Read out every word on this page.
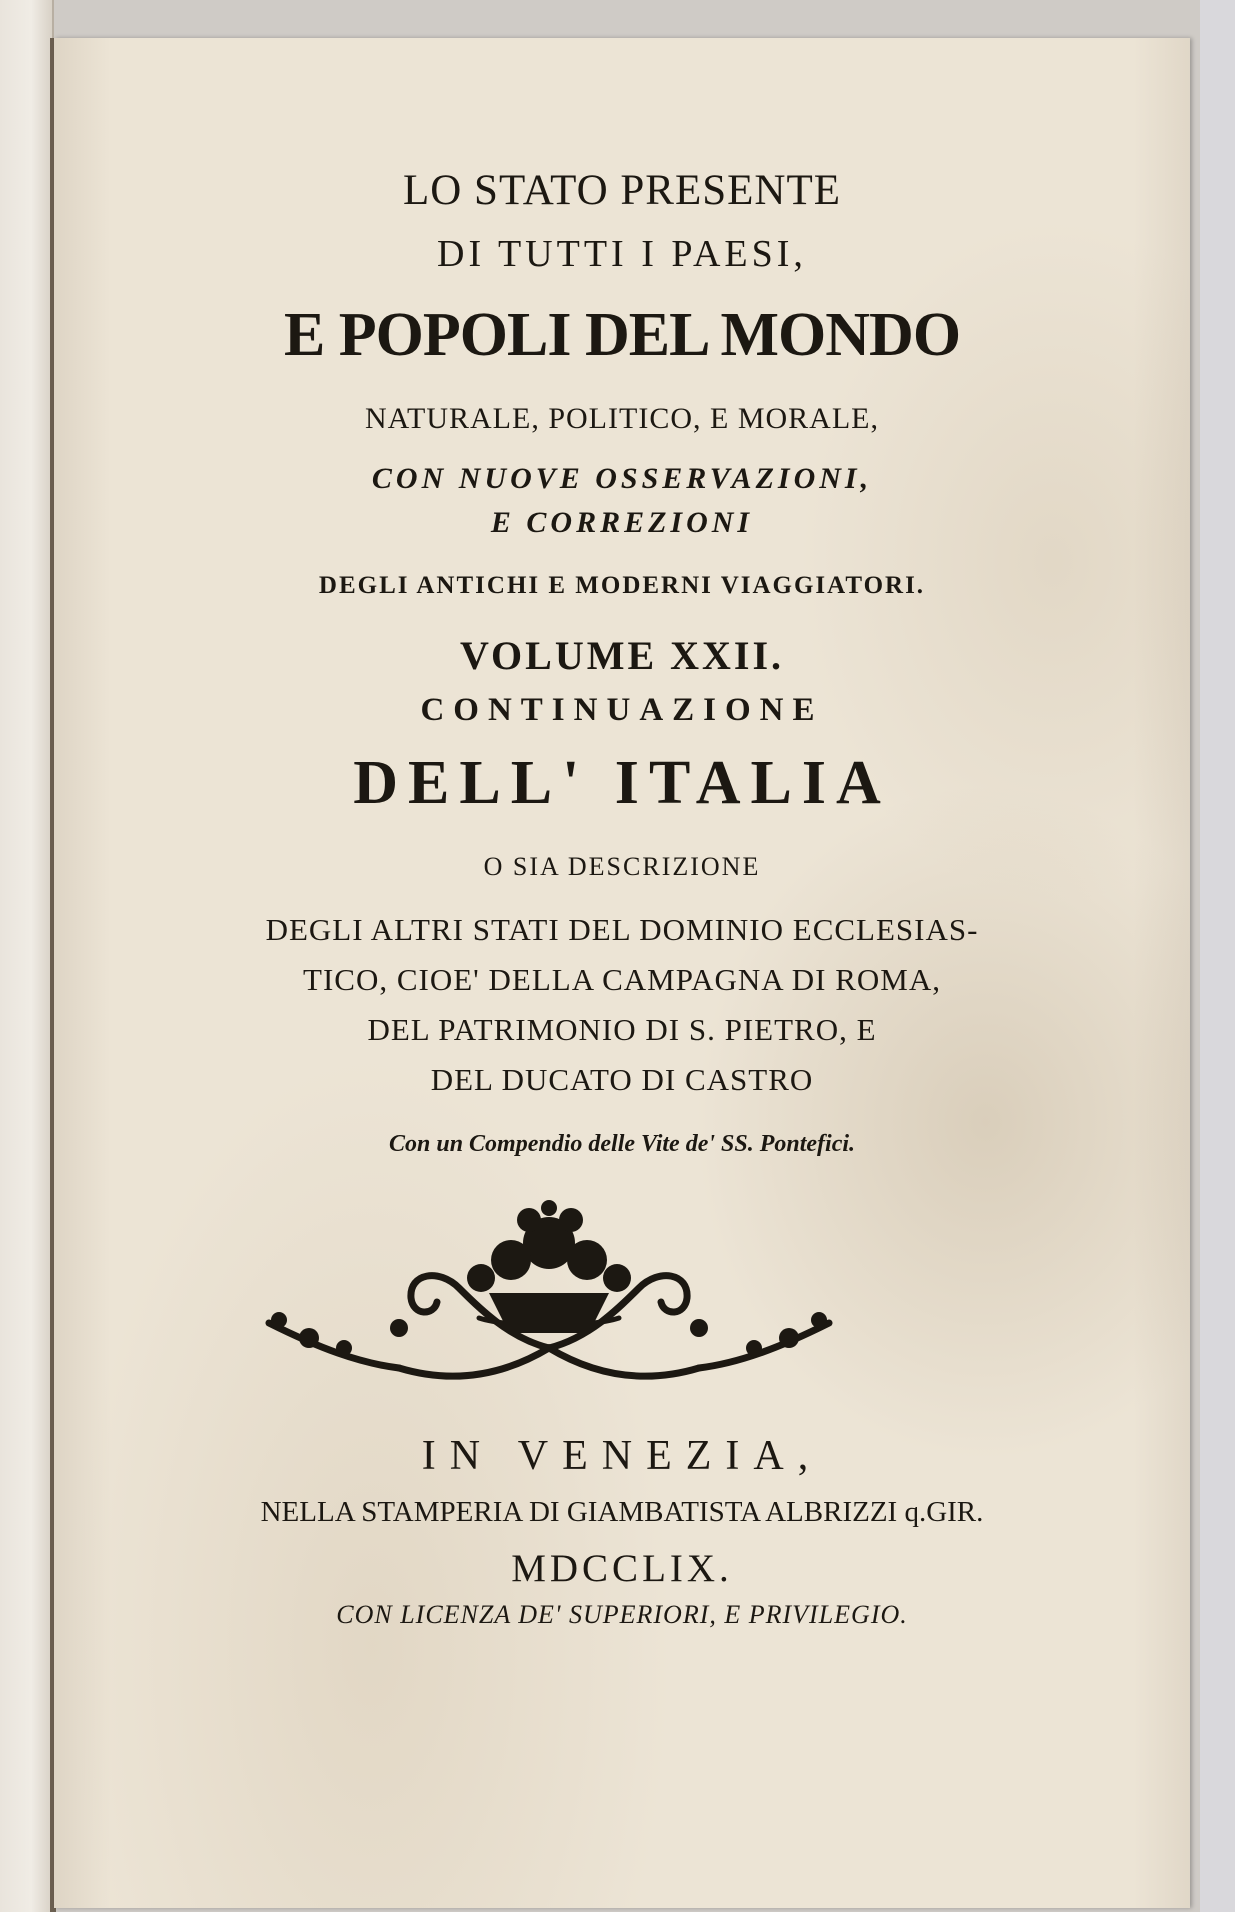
LO STATO PRESENTE
DI TUTTI I PAESI,
E POPOLI DEL MONDO
NATURALE, POLITICO, E MORALE,
CON NUOVE OSSERVAZIONI,
E CORREZIONI
DEGLI ANTICHI E MODERNI VIAGGIATORI.
VOLUME XXII.
CONTINUAZIONE
DELL' ITALIA
O SIA DESCRIZIONE
DEGLI ALTRI STATI DEL DOMINIO ECCLESIAS-
TICO, CIOE' DELLA CAMPAGNA DI ROMA,
DEL PATRIMONIO DI S. PIETRO, E
DEL DUCATO DI CASTRO
Con un Compendio delle Vite de' SS. Pontefici.
IN VENEZIA,
NELLA STAMPERIA DI GIAMBATISTA ALBRIZZI q.GIR.
MDCCLIX.
CON LICENZA DE' SUPERIORI, E PRIVILEGIO.
